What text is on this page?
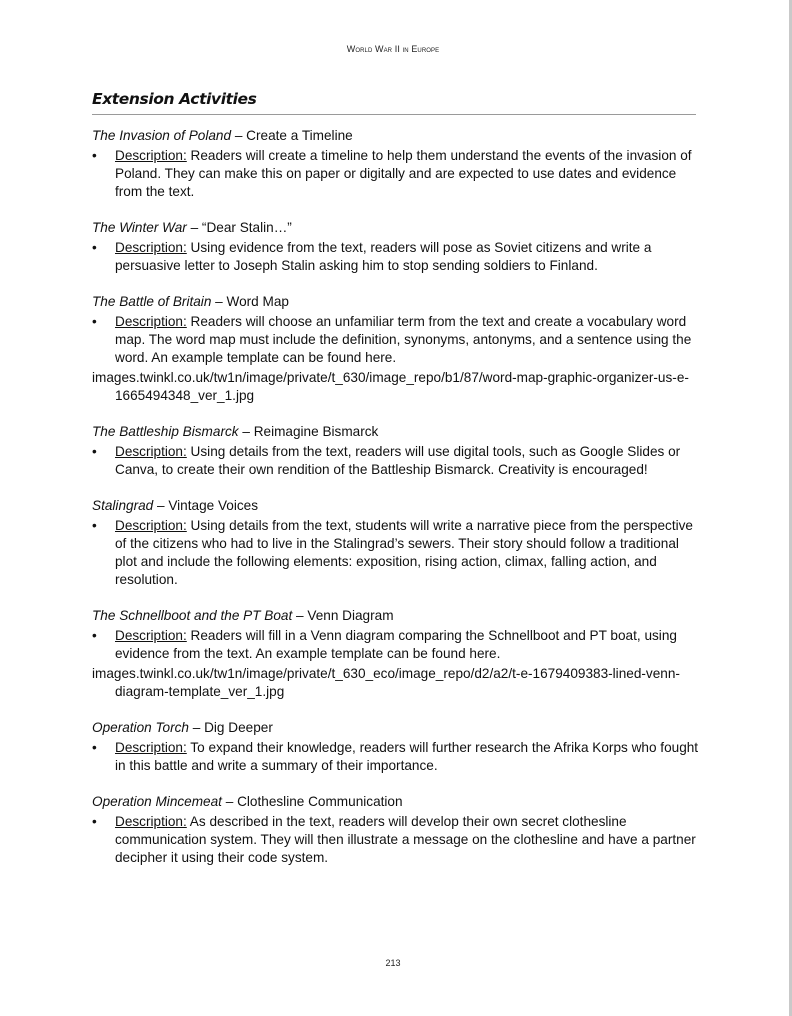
World War II in Europe
Extension Activities
The Invasion of Poland – Create a Timeline
• Description: Readers will create a timeline to help them understand the events of the invasion of Poland. They can make this on paper or digitally and are expected to use dates and evidence from the text.
The Winter War – “Dear Stalin…”
• Description: Using evidence from the text, readers will pose as Soviet citizens and write a persuasive letter to Joseph Stalin asking him to stop sending soldiers to Finland.
The Battle of Britain – Word Map
• Description: Readers will choose an unfamiliar term from the text and create a vocabulary word map. The word map must include the definition, synonyms, antonyms, and a sentence using the word. An example template can be found here.
images.twinkl.co.uk/tw1n/image/private/t_630/image_repo/b1/87/word-map-graphic-organizer-us-e-1665494348_ver_1.jpg
The Battleship Bismarck – Reimagine Bismarck
• Description: Using details from the text, readers will use digital tools, such as Google Slides or Canva, to create their own rendition of the Battleship Bismarck. Creativity is encouraged!
Stalingrad – Vintage Voices
• Description: Using details from the text, students will write a narrative piece from the perspective of the citizens who had to live in the Stalingrad’s sewers. Their story should follow a traditional plot and include the following elements: exposition, rising action, climax, falling action, and resolution.
The Schnellboot and the PT Boat – Venn Diagram
• Description: Readers will fill in a Venn diagram comparing the Schnellboot and PT boat, using evidence from the text. An example template can be found here.
images.twinkl.co.uk/tw1n/image/private/t_630_eco/image_repo/d2/a2/t-e-1679409383-lined-venn-diagram-template_ver_1.jpg
Operation Torch – Dig Deeper
• Description: To expand their knowledge, readers will further research the Afrika Korps who fought in this battle and write a summary of their importance.
Operation Mincemeat – Clothesline Communication
• Description: As described in the text, readers will develop their own secret clothesline communication system. They will then illustrate a message on the clothesline and have a partner decipher it using their code system.
213
